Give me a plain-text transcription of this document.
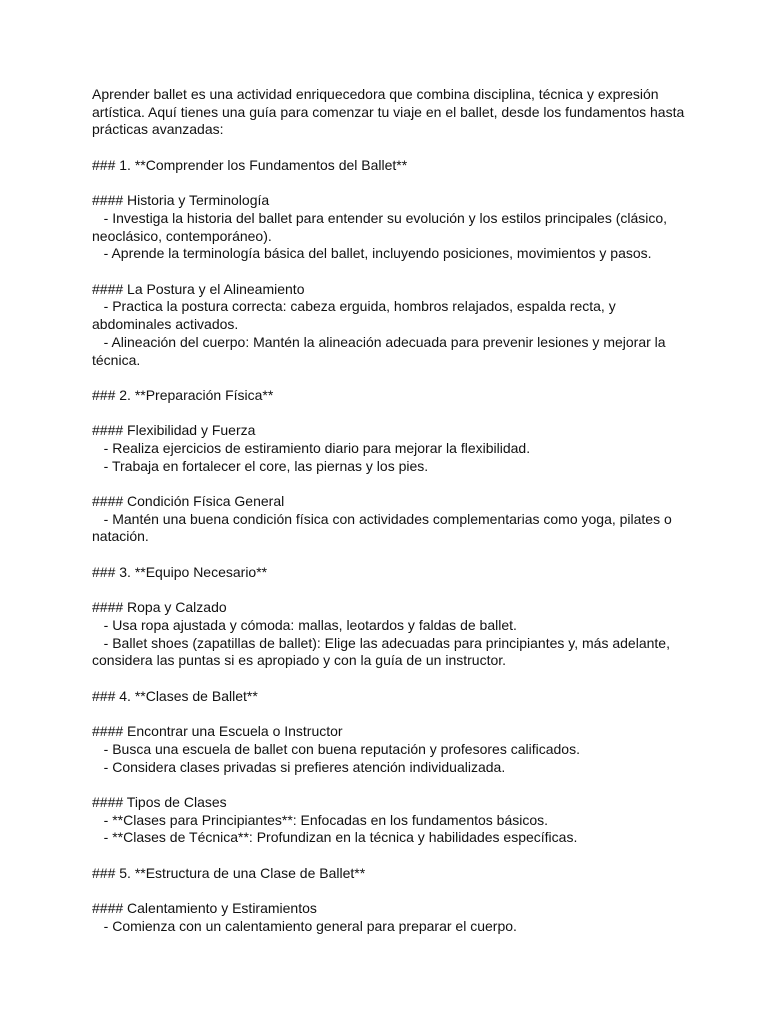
Aprender ballet es una actividad enriquecedora que combina disciplina, técnica y expresión artística. Aquí tienes una guía para comenzar tu viaje en el ballet, desde los fundamentos hasta prácticas avanzadas:

### 1. **Comprender los Fundamentos del Ballet**
#### Historia y Terminología
- Investiga la historia del ballet para entender su evolución y los estilos principales (clásico, neoclásico, contemporáneo).
- Aprende la terminología básica del ballet, incluyendo posiciones, movimientos y pasos.
#### La Postura y el Alineamiento
- Practica la postura correcta: cabeza erguida, hombros relajados, espalda recta, y abdominales activados.
- Alineación del cuerpo: Mantén la alineación adecuada para prevenir lesiones y mejorar la técnica.
### 2. **Preparación Física**
#### Flexibilidad y Fuerza
- Realiza ejercicios de estiramiento diario para mejorar la flexibilidad.
- Trabaja en fortalecer el core, las piernas y los pies.
#### Condición Física General
- Mantén una buena condición física con actividades complementarias como yoga, pilates o natación.
### 3. **Equipo Necesario**
#### Ropa y Calzado
- Usa ropa ajustada y cómoda: mallas, leotardos y faldas de ballet.
- Ballet shoes (zapatillas de ballet): Elige las adecuadas para principiantes y, más adelante, considera las puntas si es apropiado y con la guía de un instructor.
### 4. **Clases de Ballet**
#### Encontrar una Escuela o Instructor
- Busca una escuela de ballet con buena reputación y profesores calificados.
- Considera clases privadas si prefieres atención individualizada.
#### Tipos de Clases
- **Clases para Principiantes**: Enfocadas en los fundamentos básicos.
- **Clases de Técnica**: Profundizan en la técnica y habilidades específicas.
### 5. **Estructura de una Clase de Ballet**
#### Calentamiento y Estiramientos
- Comienza con un calentamiento general para preparar el cuerpo.
